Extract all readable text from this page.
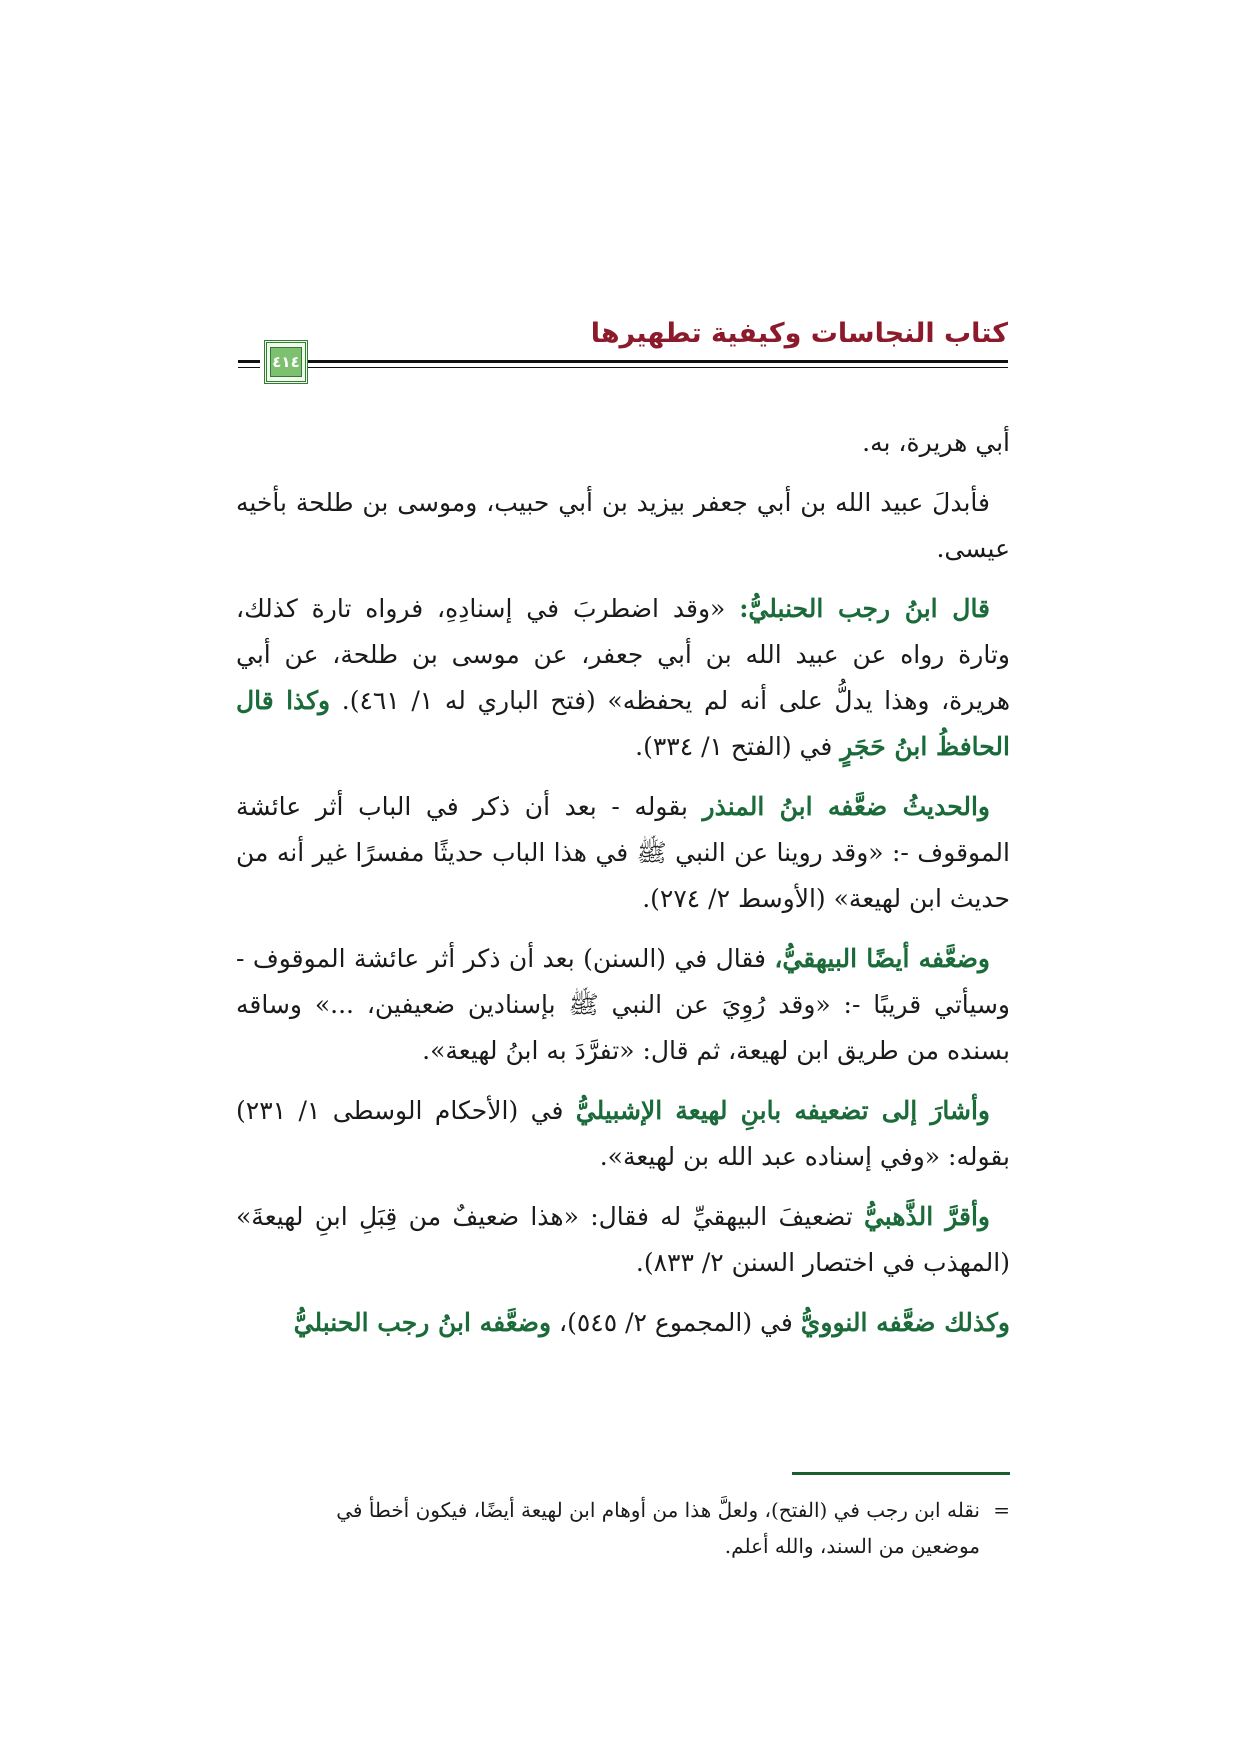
كتاب النجاسات وكيفية تطهيرها
٤١٤

أبي هريرة، به.

فأبدلَ عبيد الله بن أبي جعفر بيزيد بن أبي حبيب، وموسى بن طلحة بأخيه عيسى.

قال ابنُ رجب الحنبليُّ: «وقد اضطربَ في إسنادِهِ، فرواه تارة كذلك، وتارة رواه عن عبيد الله بن أبي جعفر، عن موسى بن طلحة، عن أبي هريرة، وهذا يدلُّ على أنه لم يحفظه» (فتح الباري له ١/ ٤٦١). وكذا قال الحافظُ ابنُ حَجَرٍ في (الفتح ١/ ٣٣٤).

والحديثُ ضعَّفه ابنُ المنذر بقوله - بعد أن ذكر في الباب أثر عائشة الموقوف -: «وقد روينا عن النبي ﷺ في هذا الباب حديثًا مفسرًا غير أنه من حديث ابن لهيعة» (الأوسط ٢/ ٢٧٤).

وضعَّفه أيضًا البيهقيُّ، فقال في (السنن) بعد أن ذكر أثر عائشة الموقوف - وسيأتي قريبًا -: «وقد رُوِيَ عن النبي ﷺ بإسنادين ضعيفين، ...» وساقه بسنده من طريق ابن لهيعة، ثم قال: «تفرَّدَ به ابنُ لهيعة».

وأشارَ إلى تضعيفه بابنِ لهيعة الإشبيليُّ في (الأحكام الوسطى ١/ ٢٣١) بقوله: «وفي إسناده عبد الله بن لهيعة».

وأقرَّ الذَّهبيُّ تضعيفَ البيهقيِّ له فقال: «هذا ضعيفٌ من قِبَلِ ابنِ لهيعةَ» (المهذب في اختصار السنن ٢/ ٨٣٣).

وكذلك ضعَّفه النوويُّ في (المجموع ٢/ ٥٤٥)، وضعَّفه ابنُ رجب الحنبليُّ

=نقله ابن رجب في (الفتح)، ولعلَّ هذا من أوهام ابن لهيعة أيضًا، فيكون أخطأ في
موضعين من السند، والله أعلم.
